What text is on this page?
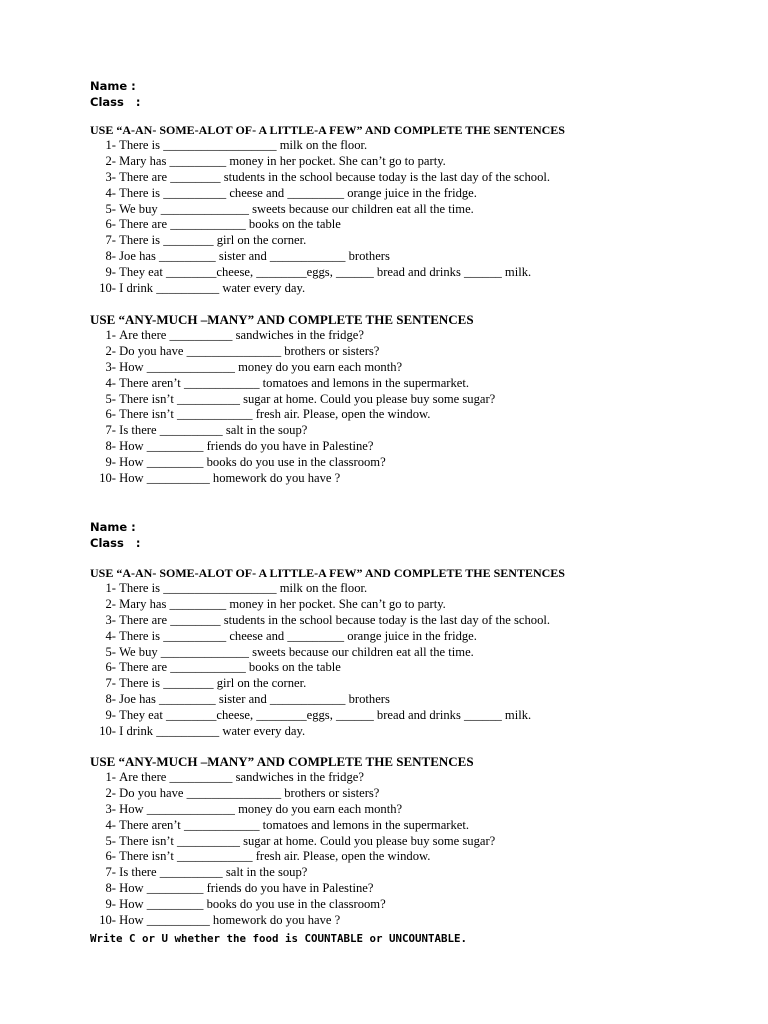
Name :
Class   :
USE “A-AN- SOME-ALOT OF- A LITTLE-A FEW” AND COMPLETE THE SENTENCES
1- There is __________________ milk on the floor.
2- Mary has _________ money in her pocket. She can’t go to party.
3- There are ________ students in the school because today is the last day of the school.
4- There is __________ cheese and _________ orange juice in the fridge.
5- We buy ______________ sweets because our children eat all the time.
6- There are ____________ books on the table
7- There is ________ girl on the corner.
8- Joe has _________ sister and ____________ brothers
9- They eat ________cheese, ________eggs, ______ bread and drinks ______ milk.
10- I drink __________ water every day.
USE “ANY-MUCH –MANY” AND COMPLETE THE SENTENCES
1- Are there __________ sandwiches in the fridge?
2- Do you have _______________ brothers or sisters?
3- How ______________ money do you earn each month?
4- There aren’t ____________ tomatoes and lemons in the supermarket.
5- There isn’t __________ sugar at home. Could you please buy some sugar?
6- There isn’t ____________ fresh air. Please, open the window.
7- Is there __________ salt in the soup?
8- How _________ friends do you have in Palestine?
9- How _________ books do you use in the classroom?
10- How __________ homework do you have ?
Name :
Class   :
USE “A-AN- SOME-ALOT OF- A LITTLE-A FEW” AND COMPLETE THE SENTENCES
1- There is __________________ milk on the floor.
2- Mary has _________ money in her pocket. She can’t go to party.
3- There are ________ students in the school because today is the last day of the school.
4- There is __________ cheese and _________ orange juice in the fridge.
5- We buy ______________ sweets because our children eat all the time.
6- There are ____________ books on the table
7- There is ________ girl on the corner.
8- Joe has _________ sister and ____________ brothers
9- They eat ________cheese, ________eggs, ______ bread and drinks ______ milk.
10- I drink __________ water every day.
USE “ANY-MUCH –MANY” AND COMPLETE THE SENTENCES
1- Are there __________ sandwiches in the fridge?
2- Do you have _______________ brothers or sisters?
3- How ______________ money do you earn each month?
4- There aren’t ____________ tomatoes and lemons in the supermarket.
5- There isn’t __________ sugar at home. Could you please buy some sugar?
6- There isn’t ____________ fresh air. Please, open the window.
7- Is there __________ salt in the soup?
8- How _________ friends do you have in Palestine?
9- How _________ books do you use in the classroom?
10- How __________ homework do you have ?
Write C or U whether the food is COUNTABLE or UNCOUNTABLE.
